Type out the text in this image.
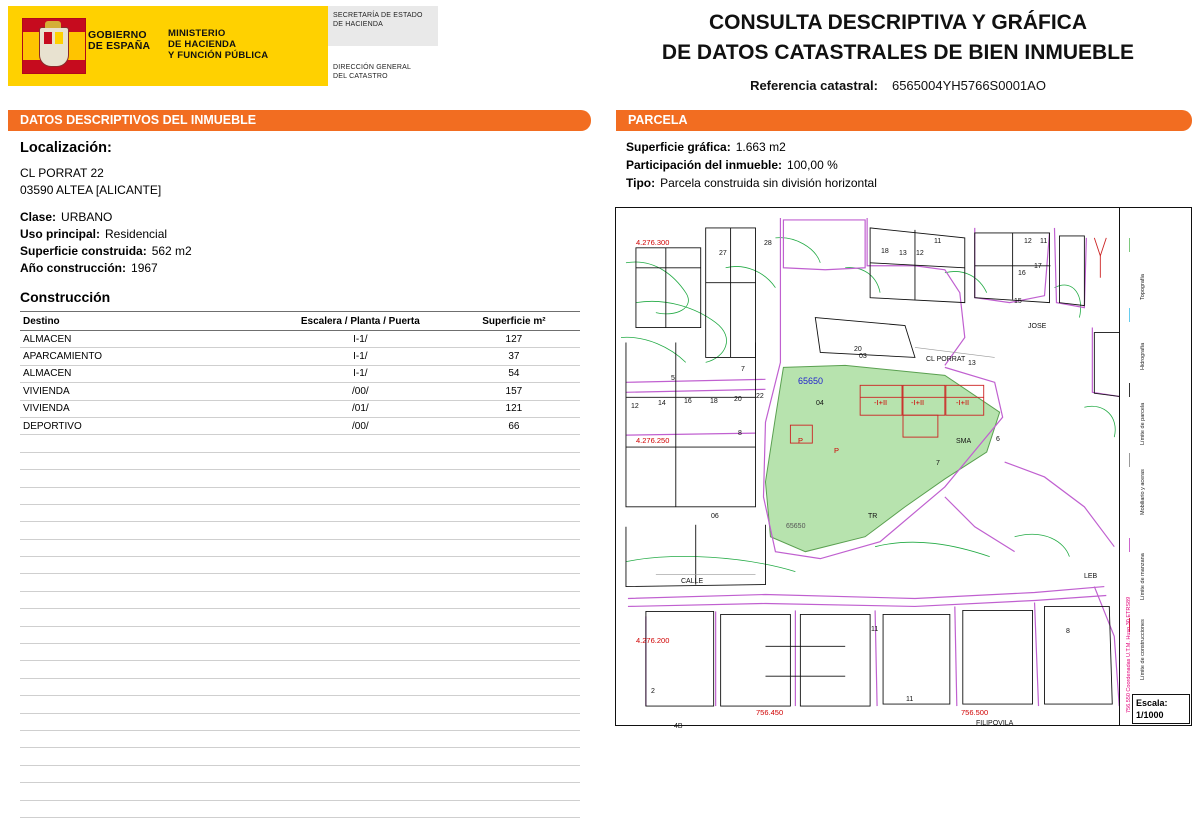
GOBIERNO
DE ESPAÑA
MINISTERIO
DE HACIENDA
Y FUNCIÓN PÚBLICA
SECRETARÍA DE ESTADO
DE HACIENDA
DIRECCIÓN GENERAL
DEL CATASTRO
CONSULTA DESCRIPTIVA Y GRÁFICA
DE DATOS CATASTRALES DE BIEN INMUEBLE
Referencia catastral: 6565004YH5766S0001AO
DATOS DESCRIPTIVOS DEL INMUEBLE	PARCELA
Localización:
CL PORRAT 22
03590 ALTEA [ALICANTE]
Clase: URBANO
Uso principal: Residencial
Superficie construida: 562 m2
Año construcción: 1967
Construcción
Destino	Escalera / Planta / Puerta	Superficie m²
ALMACEN	I-1/	127
APARCAMIENTO	I-1/	37
ALMACEN	I-1/	54
VIVIENDA	/00/	157
VIVIENDA	/01/	121
DEPORTIVO	/00/	66

Superficie gráfica: 1.663 m2
Participación del inmueble: 100,00 %
Tipo: Parcela construida sin división horizontal
4.276.300
4.276.250
4.276.200
756.450	756.500
65650
03
04
06
65650
CL PORRAT
CALLE
FILIPOVILA
27
28
18 13 12
11	12 11
16
17
15
JOSE
20
13
5
7
12	14	16	18 20 22
8
P
P
-I+II	-I+II	-I+II
SMA	6
7
TR
LEB
11	8
2
4B
11
Topografía
Hidrografía
Límite de parcela
Mobiliario y aceras
Límite de manzana
Límite de construcciones
756.550 Coordenadas U.T.M. Huso 30 ETRS89 Escala:
1/1000
